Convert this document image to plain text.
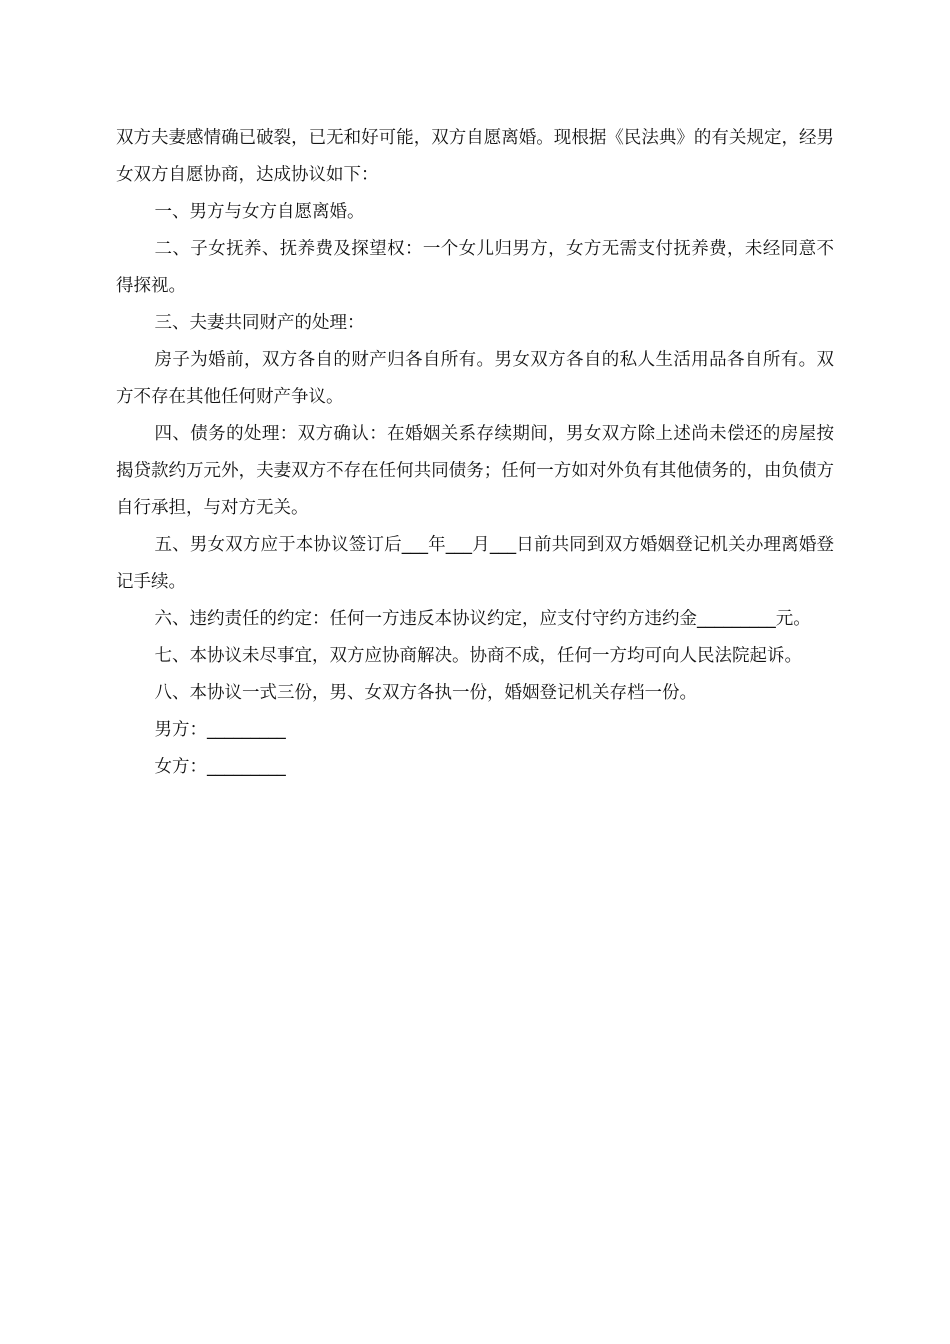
双方夫妻感情确已破裂，已无和好可能，双方自愿离婚。现根据《民法典》的有关规定，经男女双方自愿协商，达成协议如下：

一、男方与女方自愿离婚。

二、子女抚养、抚养费及探望权：一个女儿归男方，女方无需支付抚养费，未经同意不得探视。

三、夫妻共同财产的处理：

房子为婚前，双方各自的财产归各自所有。男女双方各自的私人生活用品各自所有。双方不存在其他任何财产争议。

四、债务的处理：双方确认：在婚姻关系存续期间，男女双方除上述尚未偿还的房屋按揭贷款约万元外，夫妻双方不存在任何共同债务；任何一方如对外负有其他债务的，由负债方自行承担，与对方无关。

五、男女双方应于本协议签订后___年___月___日前共同到双方婚姻登记机关办理离婚登记手续。

六、违约责任的约定：任何一方违反本协议约定，应支付守约方违约金_________元。

七、本协议未尽事宜，双方应协商解决。协商不成，任何一方均可向人民法院起诉。

八、本协议一式三份，男、女双方各执一份，婚姻登记机关存档一份。

男方：_________

女方：_________
